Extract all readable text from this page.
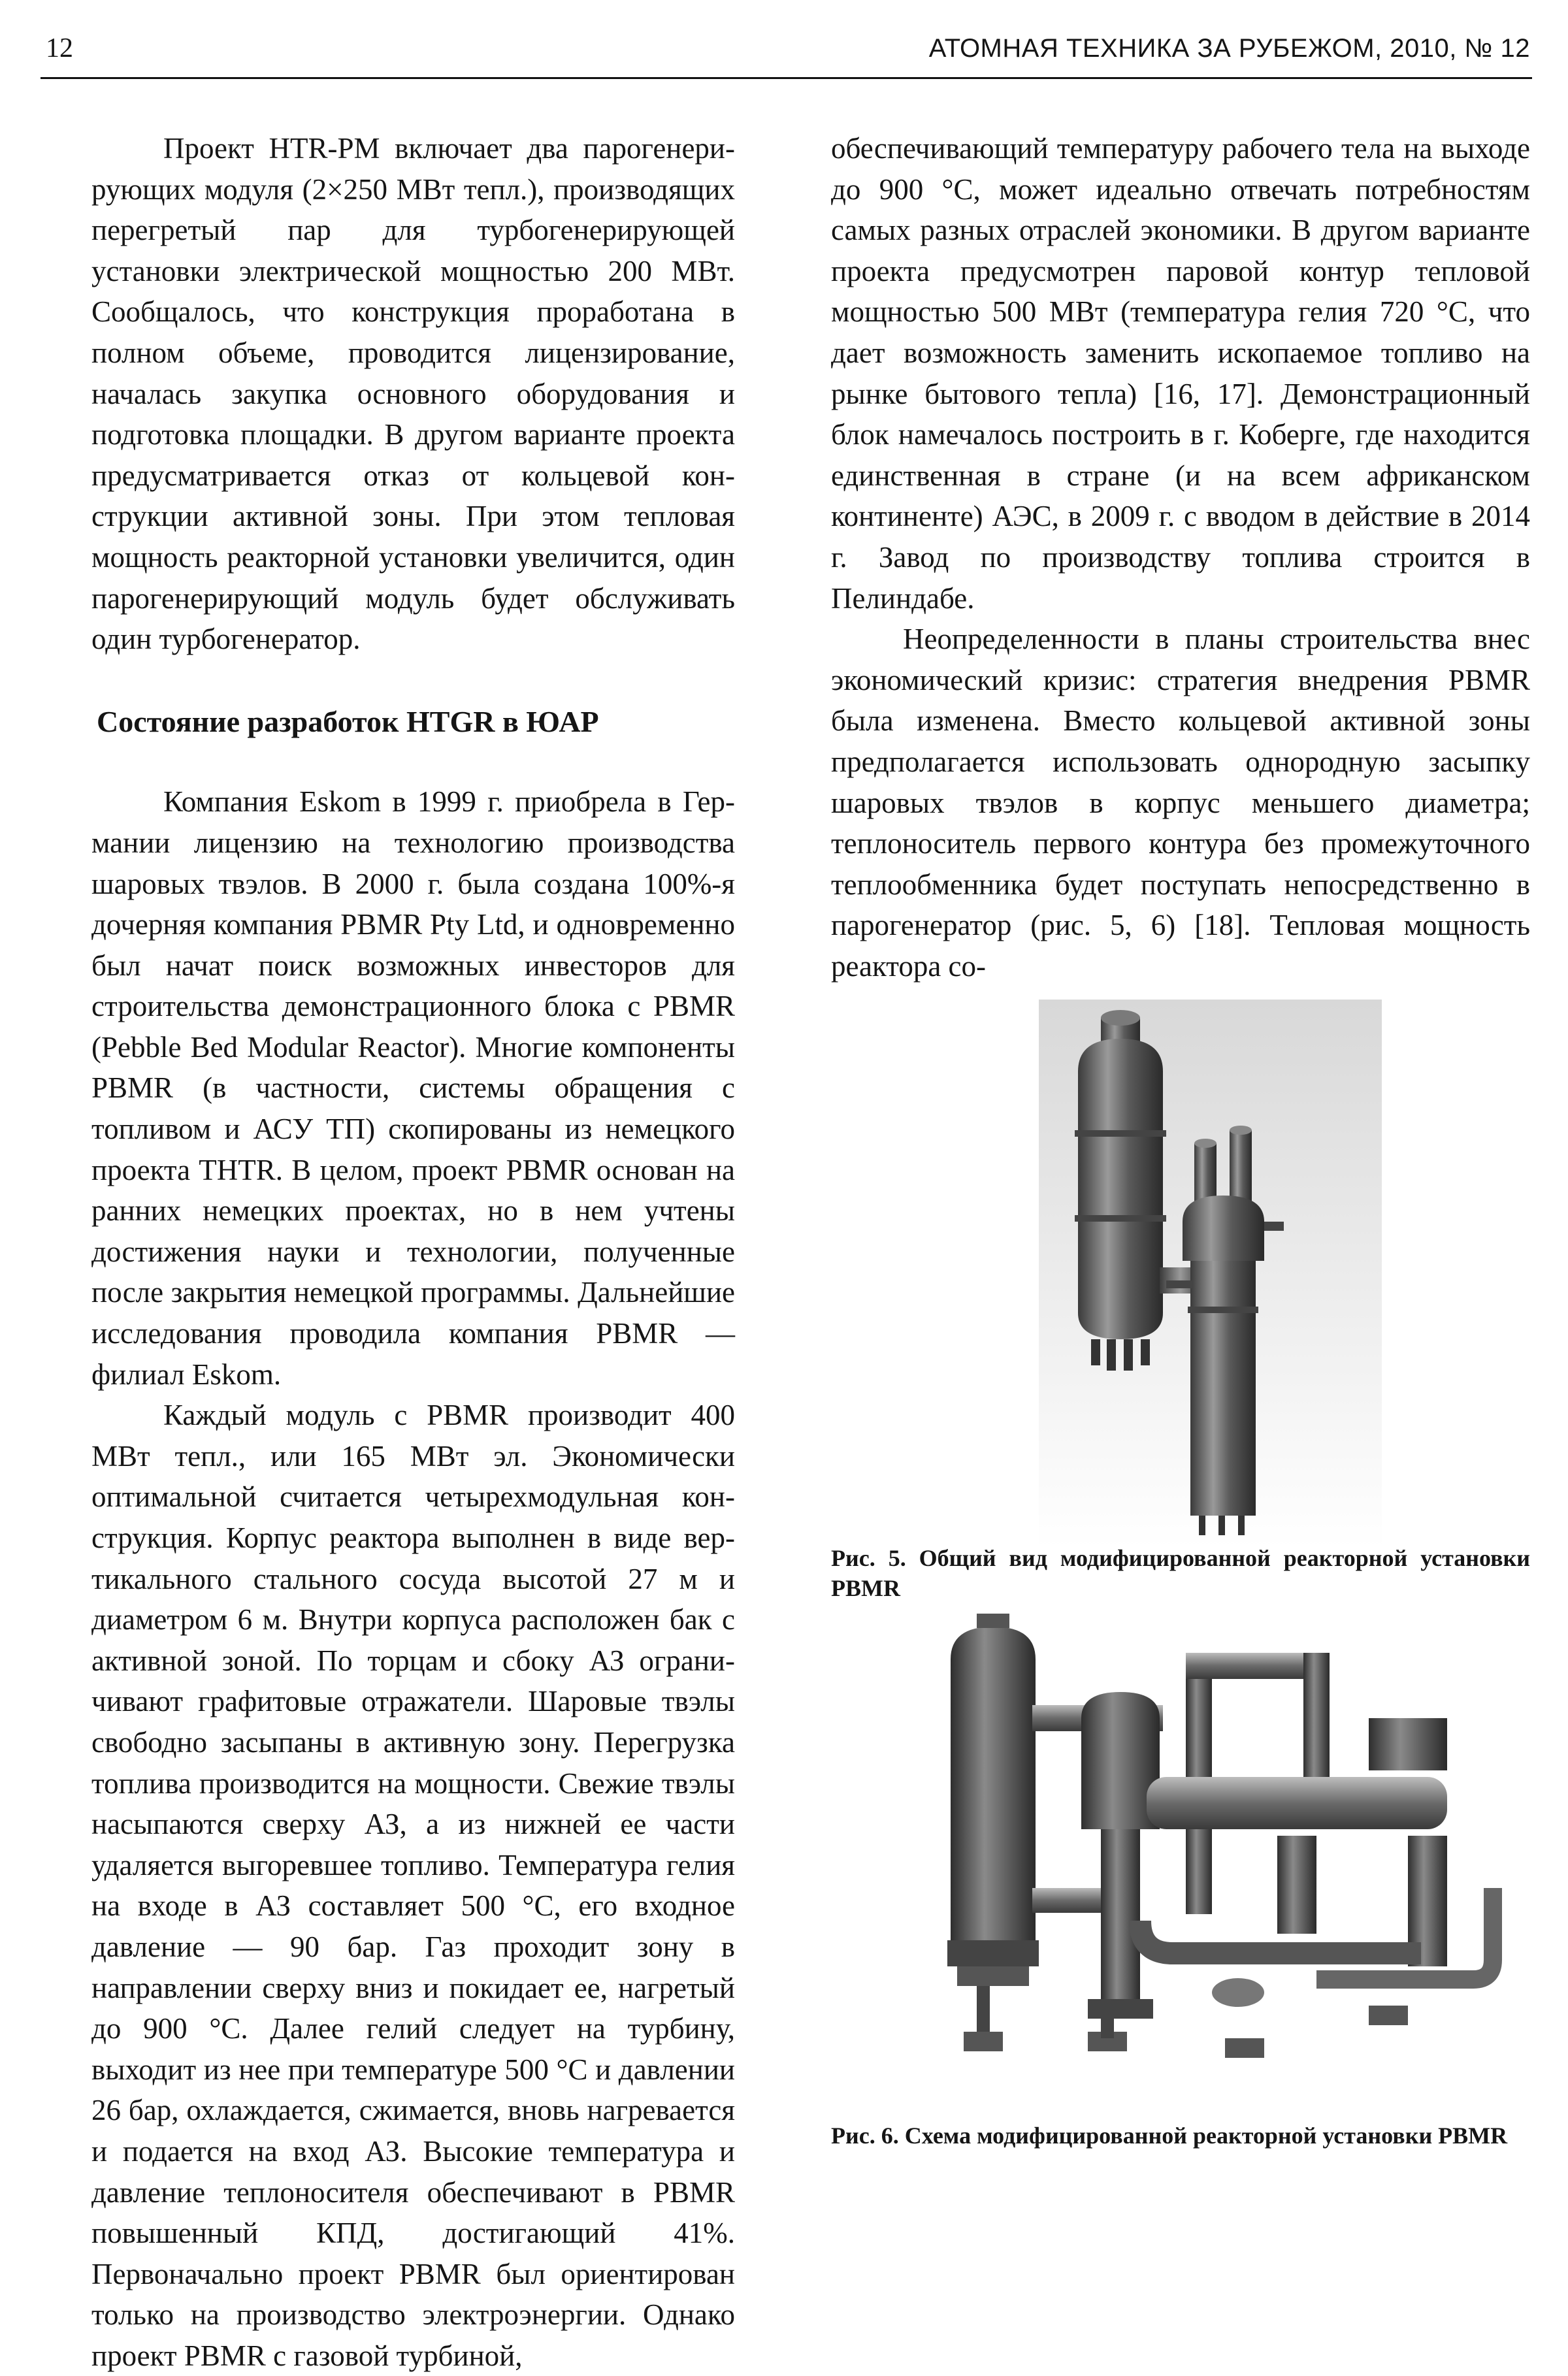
12	АТОМНАЯ ТЕХНИКА ЗА РУБЕЖОМ, 2010, № 12

Проект HTR-PM включает два парогенерирующих модуля (2×250 МВт тепл.), производящих перегретый пар для турбогенерирующей установки электрической мощностью 200 МВт. Сообщалось, что конструкция проработана в полном объеме, проводится лицензирование, началась закупка основного оборудования и подготовка площадки. В другом варианте проекта предусматривается отказ от кольцевой конструкции активной зоны. При этом тепловая мощность реакторной установки увеличится, один парогенерирующий модуль будет обслуживать один турбогенератор.

Состояние разработок HTGR в ЮАР

Компания Eskom в 1999 г. приобрела в Германии лицензию на технологию производства шаровых твэлов. В 2000 г. была создана 100%-я дочерняя компания PBMR Pty Ltd, и одновременно был начат поиск возможных инвесторов для строительства демонстрационного блока с PBMR (Pebble Bed Modular Reactor). Многие компоненты PBMR (в частности, системы обращения с топливом и АСУ ТП) скопированы из немецкого проекта THTR. В целом, проект PBMR основан на ранних немецких проектах, но в нем учтены достижения науки и технологии, полученные после закрытия немецкой программы. Дальнейшие исследования проводила компания PBMR — филиал Eskom.

Каждый модуль с PBMR производит 400 МВт тепл., или 165 МВт эл. Экономически оптимальной считается четырехмодульная конструкция. Корпус реактора выполнен в виде вертикального стального сосуда высотой 27 м и диаметром 6 м. Внутри корпуса расположен бак с активной зоной. По торцам и сбоку АЗ ограничивают графитовые отражатели. Шаровые твэлы свободно засыпаны в активную зону. Перегрузка топлива производится на мощности. Свежие твэлы насыпаются сверху АЗ, а из нижней ее части удаляется выгоревшее топливо. Температура гелия на входе в АЗ составляет 500 °С, его входное давление — 90 бар. Газ проходит зону в направлении сверху вниз и покидает ее, нагретый до 900 °С. Далее гелий следует на турбину, выходит из нее при температуре 500 °С и давлении 26 бар, охлаждается, сжимается, вновь нагревается и подается на вход АЗ. Высокие температура и давление теплоносителя обеспечивают в PBMR повышенный КПД, достигающий 41%. Первоначально проект PBMR был ориентирован только на производство электроэнергии. Однако проект PBMR с газовой турбиной,

обеспечивающий температуру рабочего тела на выходе до 900 °С, может идеально отвечать потребностям самых разных отраслей экономики. В другом варианте проекта предусмотрен паровой контур тепловой мощностью 500 МВт (температура гелия 720 °С, что дает возможность заменить ископаемое топливо на рынке бытового тепла) [16, 17]. Демонстрационный блок намечалось построить в г. Коберге, где находится единственная в стране (и на всем африканском континенте) АЭС, в 2009 г. с вводом в действие в 2014 г. Завод по производству топлива строится в Пелиндабе.

Неопределенности в планы строительства внес экономический кризис: стратегия внедрения PBMR была изменена. Вместо кольцевой активной зоны предполагается использовать однородную засыпку шаровых твэлов в корпус меньшего диаметра; теплоноситель первого контура без промежуточного теплообменника будет поступать непосредственно в парогенератор (рис. 5, 6) [18]. Тепловая мощность реактора со-

Рис. 5. Общий вид модифицированной реакторной установки PBMR
Рис. 6. Схема модифицированной реакторной установки PBMR
